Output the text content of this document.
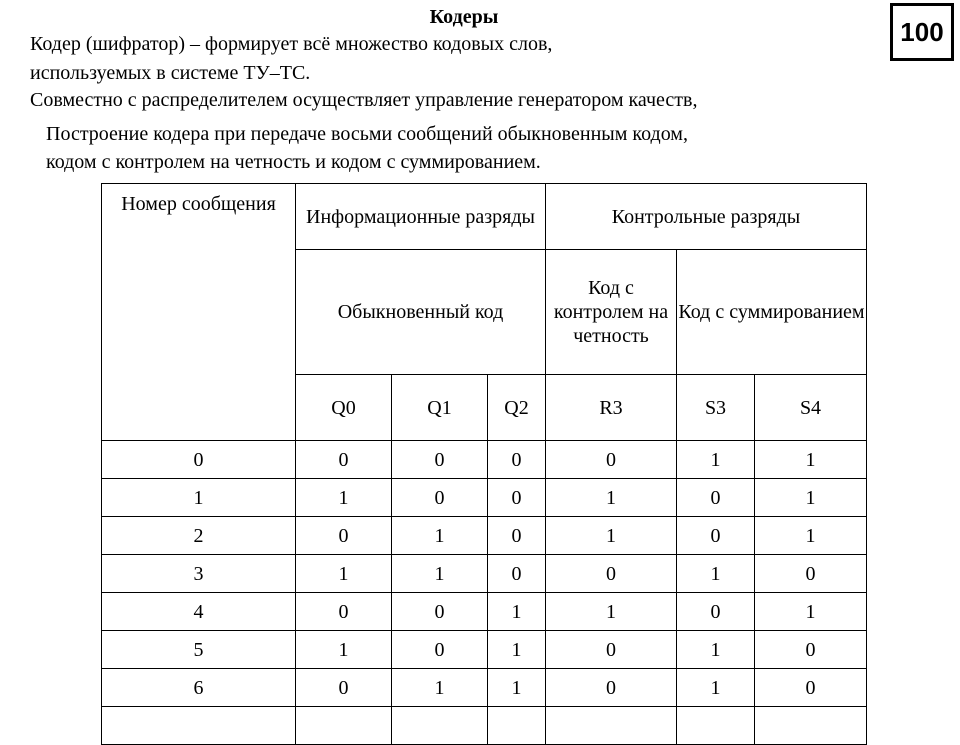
Кодеры	100
Кодер (шифратор) – формирует всё множество кодовых слов,
используемых в системе ТУ–ТС.
Совместно с распределителем осуществляет управление генератором качеств,
Построение кодера при передаче восьми сообщений обыкновенным кодом,
кодом с контролем на четность и кодом с суммированием.
Номер сообщения	Информационные разряды			Контрольные разряды		
	Обыкновенный код			Код с контролем на четность	Код с суммированием	
	Q0	Q1	Q2	R3	S3	S4
0	0	0	0	0	1	1
1	1	0	0	1	0	1
2	0	1	0	1	0	1
3	1	1	0	0	1	0
4	0	0	1	1	0	1
5	1	0	1	0	1	0
6	0	1	1	0	1	0
